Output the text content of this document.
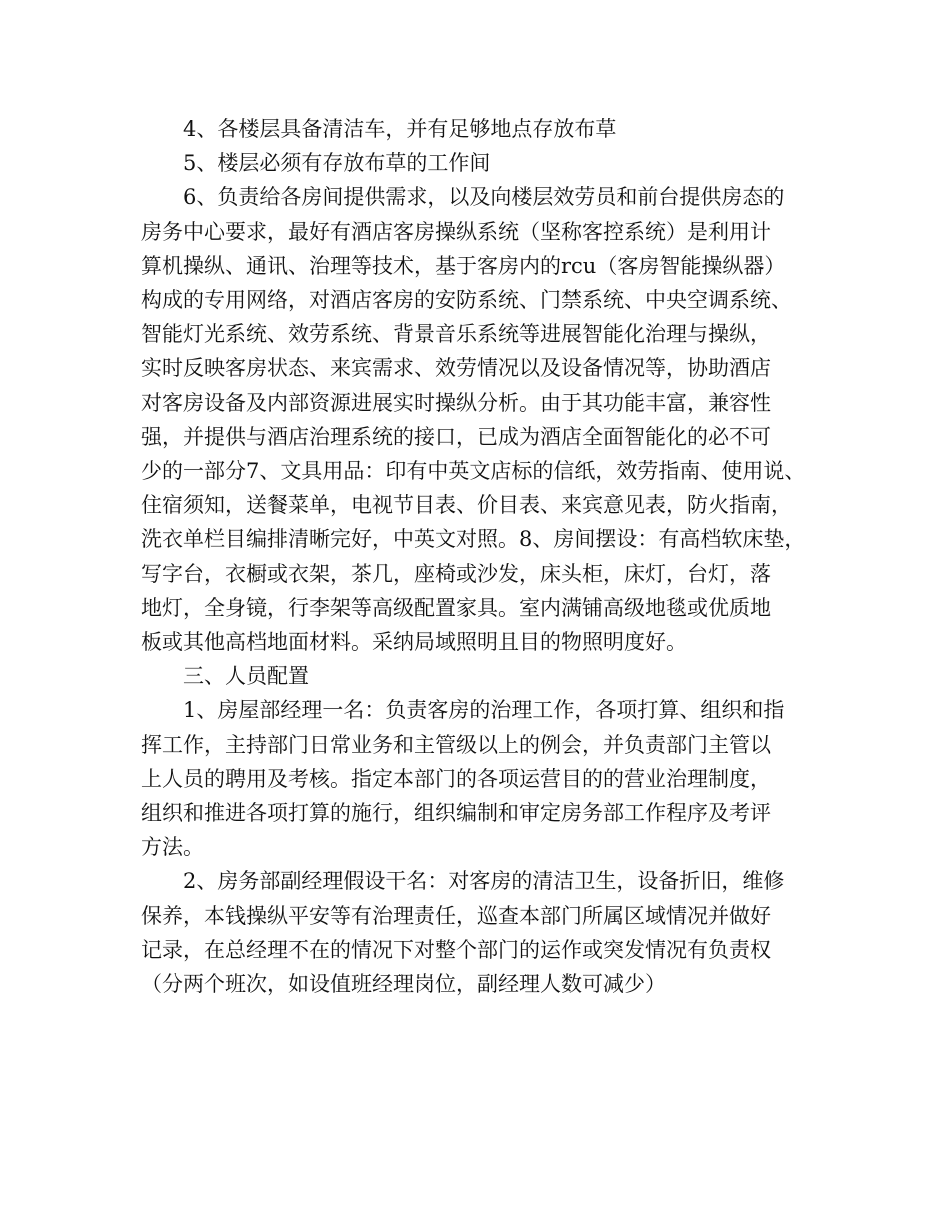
4、各楼层具备清洁车，并有足够地点存放布草

5、楼层必须有存放布草的工作间

6、负责给各房间提供需求，以及向楼层效劳员和前台提供房态的

房务中心要求，最好有酒店客房操纵系统（坚称客控系统）是利用计

算机操纵、通讯、治理等技术，基于客房内的rcu（客房智能操纵器）

构成的专用网络，对酒店客房的安防系统、门禁系统、中央空调系统、

智能灯光系统、效劳系统、背景音乐系统等进展智能化治理与操纵，

实时反映客房状态、来宾需求、效劳情况以及设备情况等，协助酒店

对客房设备及内部资源进展实时操纵分析。由于其功能丰富，兼容性

强，并提供与酒店治理系统的接口，已成为酒店全面智能化的必不可

少的一部分7、文具用品：印有中英文店标的信纸，效劳指南、使用说、

住宿须知，送餐菜单，电视节目表、价目表、来宾意见表，防火指南，

洗衣单栏目编排清晰完好，中英文对照。8、房间摆设：有高档软床垫，

写字台，衣橱或衣架，茶几，座椅或沙发，床头柜，床灯，台灯，落

地灯，全身镜，行李架等高级配置家具。室内满铺高级地毯或优质地

板或其他高档地面材料。采纳局域照明且目的物照明度好。

三、人员配置

1、房屋部经理一名：负责客房的治理工作，各项打算、组织和指

挥工作，主持部门日常业务和主管级以上的例会，并负责部门主管以

上人员的聘用及考核。指定本部门的各项运营目的的营业治理制度，

组织和推进各项打算的施行，组织编制和审定房务部工作程序及考评

方法。

2、房务部副经理假设干名：对客房的清洁卫生，设备折旧，维修

保养，本钱操纵平安等有治理责任，巡查本部门所属区域情况并做好

记录，在总经理不在的情况下对整个部门的运作或突发情况有负责权

（分两个班次，如设值班经理岗位，副经理人数可减少）
